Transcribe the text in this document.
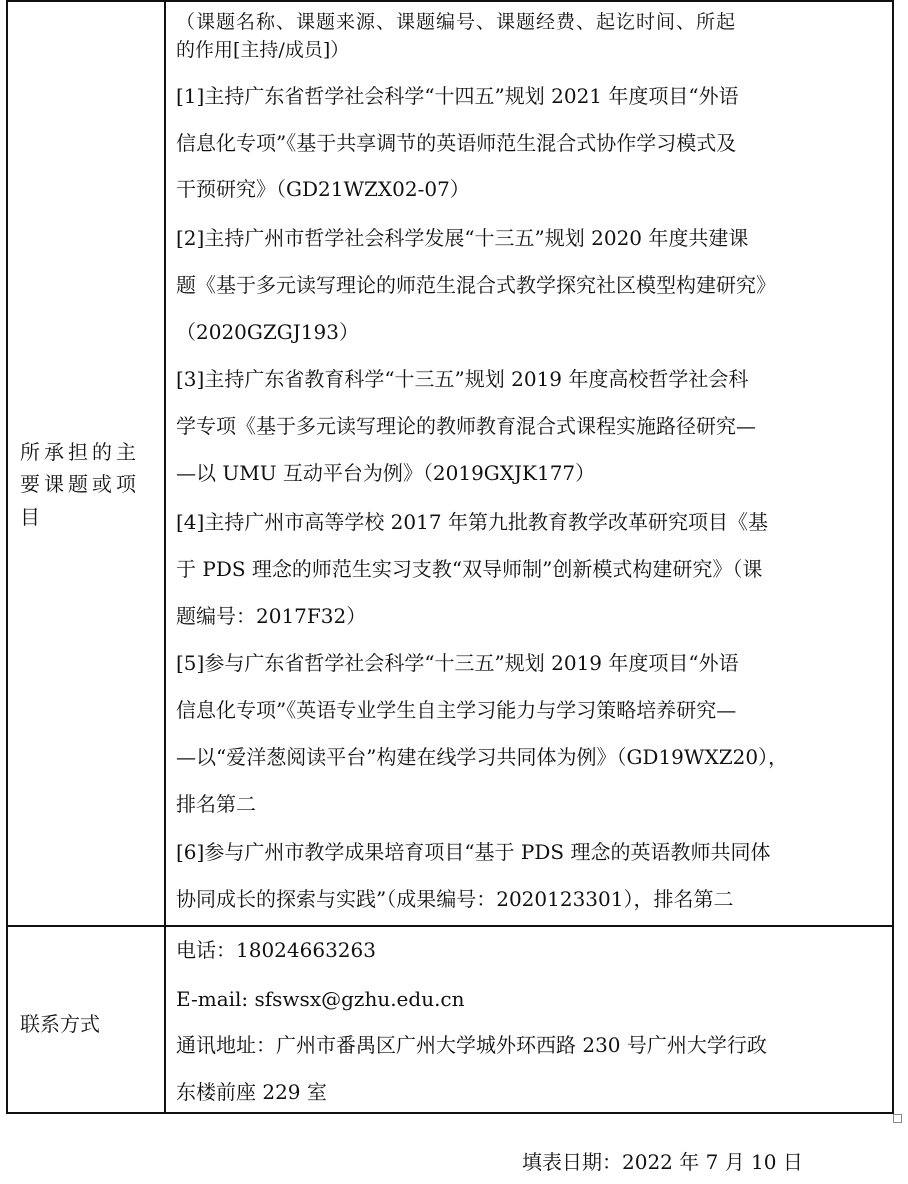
所承担的主
要课题或项
目
（课题名称、课题来源、课题编号、课题经费、起讫时间、所起
的作用[主持/成员]）
[1]主持广东省哲学社会科学“十四五”规划 2021 年度项目“外语
信息化专项”《基于共享调节的英语师范生混合式协作学习模式及
干预研究》（GD21WZX02-07）
[2]主持广州市哲学社会科学发展“十三五”规划 2020 年度共建课
题《基于多元读写理论的师范生混合式教学探究社区模型构建研究》
（2020GZGJ193）
[3]主持广东省教育科学“十三五”规划 2019 年度高校哲学社会科
学专项《基于多元读写理论的教师教育混合式课程实施路径研究—
—以 UMU 互动平台为例》（2019GXJK177）
[4]主持广州市高等学校 2017 年第九批教育教学改革研究项目《基
于 PDS 理念的师范生实习支教“双导师制”创新模式构建研究》（课
题编号：2017F32）
[5]参与广东省哲学社会科学“十三五”规划 2019 年度项目“外语
信息化专项”《英语专业学生自主学习能力与学习策略培养研究—
—以“爱洋葱阅读平台”构建在线学习共同体为例》（GD19WXZ20），
排名第二
[6]参与广州市教学成果培育项目“基于 PDS 理念的英语教师共同体
协同成长的探索与实践”（成果编号：2020123301），排名第二
联系方式
电话：18024663263
E-mail: sfswsx@gzhu.edu.cn
通讯地址：广州市番禺区广州大学城外环西路 230 号广州大学行政
东楼前座 229 室
填表日期：2022 年 7 月 10 日
